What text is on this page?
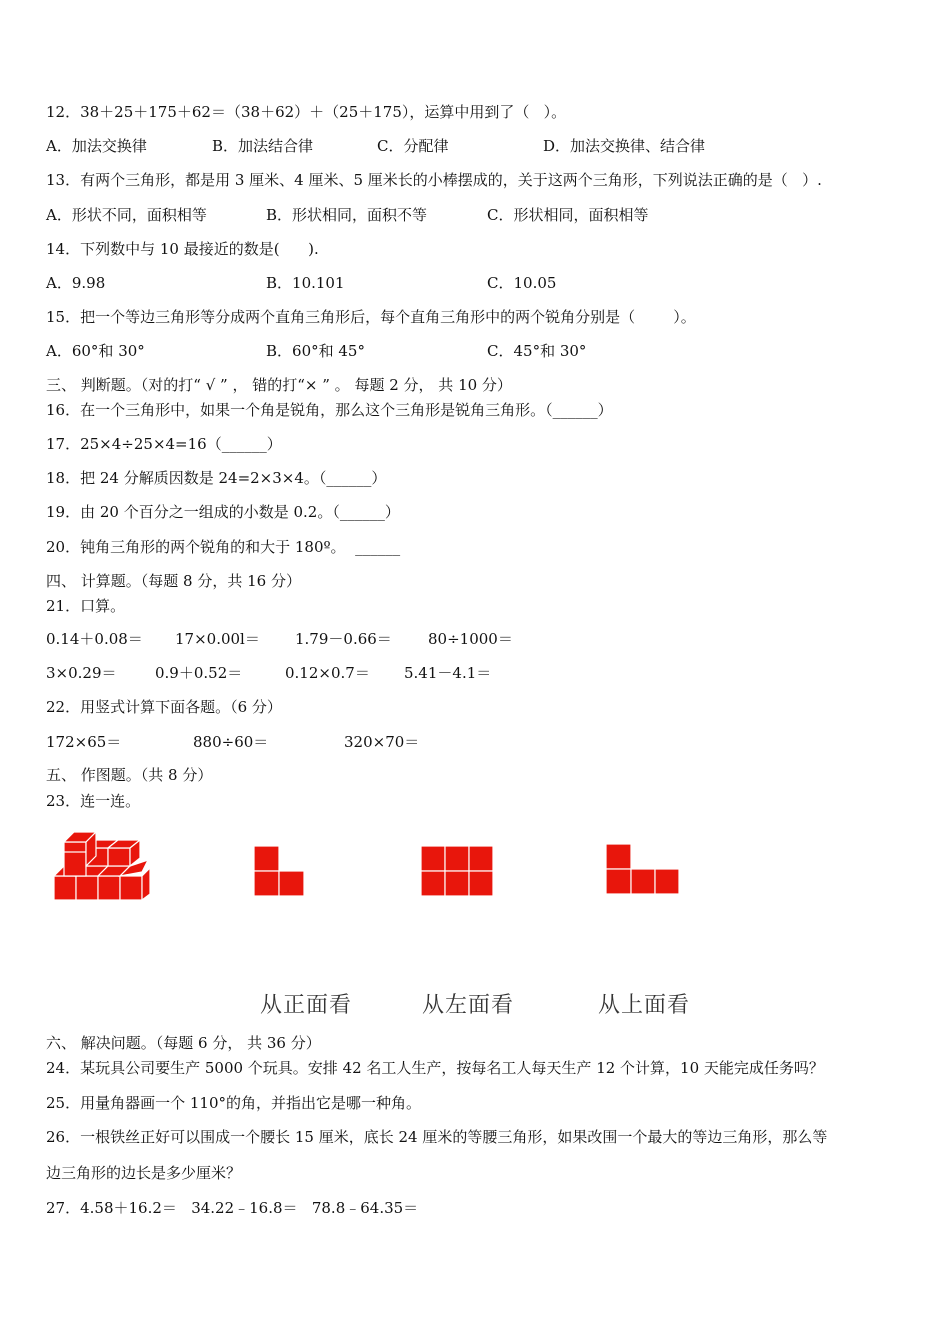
12．38＋25＋175＋62＝（38＋62）＋（25＋175），运算中用到了（   ）。
A．加法交换律	B．加法结合律	C．分配律	D．加法交换律、结合律
13．有两个三角形，都是用 3 厘米、4 厘米、5 厘米长的小棒摆成的，关于这两个三角形，下列说法正确的是（   ）.
A．形状不同，面积相等	B．形状相同，面积不等	C．形状相同，面积相等
14．下列数中与 10 最接近的数是(      ).
A．9.98	B．10.101	C．10.05
15．把一个等边三角形等分成两个直角三角形后，每个直角三角形中的两个锐角分别是（        ）。
A．60°和 30°	B．60°和 45°	C．45°和 30°
三、 判断题。（对的打“ √ ” ， 错的打“× ” 。 每题 2 分， 共 10 分）
16．在一个三角形中，如果一个角是锐角，那么这个三角形是锐角三角形。（______）
17．25×4÷25×4=16（______）
18．把 24 分解质因数是 24=2×3×4。（______）
19．由 20 个百分之一组成的小数是 0.2。（______）
20．钝角三角形的两个锐角的和大于 180º。  ______
四、 计算题。（每题 8 分，共 16 分）
21．口算。
0.14＋0.08＝ 17×0.00l＝ 1.79－0.66＝ 80÷1000＝
3×0.29＝	0.9＋0.52＝	0.12×0.7＝ 5.41－4.1＝
22．用竖式计算下面各题。（6 分）
172×65＝	880÷60＝	320×70＝
五、 作图题。（共 8 分）
23．连一连。
从正面看	从左面看	从上面看
六、 解决问题。（每题 6 分， 共 36 分）
24．某玩具公司要生产 5000 个玩具。安排 42 名工人生产，按每名工人每天生产 12 个计算，10 天能完成任务吗？
25．用量角器画一个 110°的角，并指出它是哪一种角。
26．一根铁丝正好可以围成一个腰长 15 厘米，底长 24 厘米的等腰三角形，如果改围一个最大的等边三角形，那么等
边三角形的边长是多少厘米？
27．4.58＋16.2＝   34.22﹣16.8＝   78.8﹣64.35＝
